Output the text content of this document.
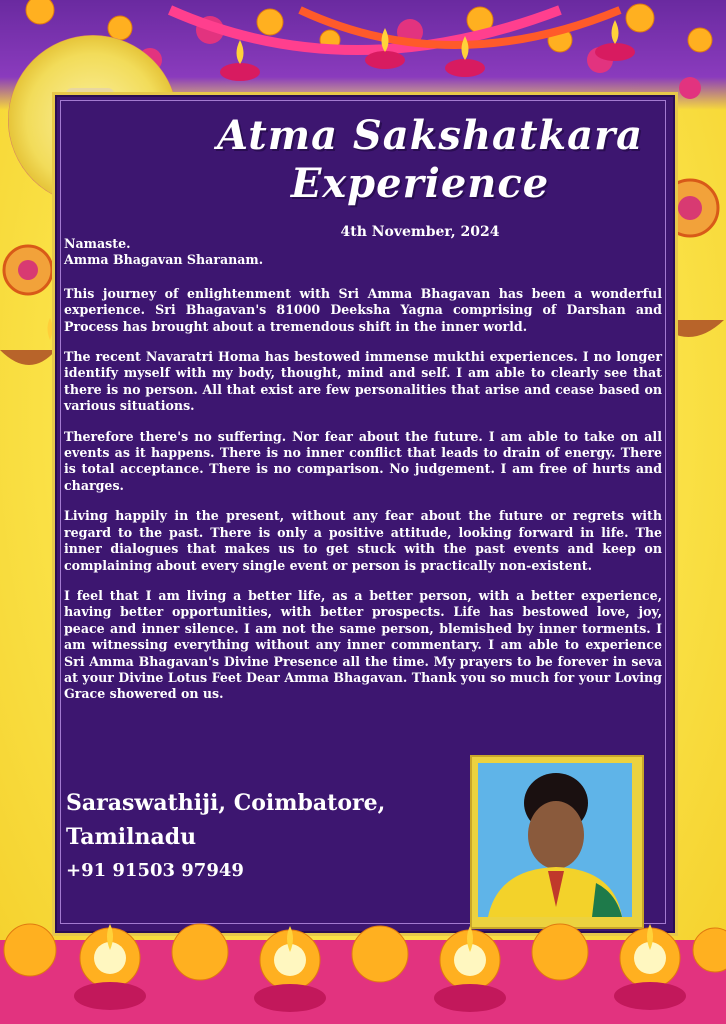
Atma Sakshatkara
Experience
4th November, 2024

Namaste.

Amma Bhagavan Sharanam.

This journey of enlightenment with Sri Amma Bhagavan has been a wonderful experience. Sri Bhagavan's 81000 Deeksha Yagna comprising of Darshan and Process has brought about a tremendous shift in the inner world.

The recent Navaratri Homa has bestowed immense mukthi experiences. I no longer identify myself with my body, thought, mind and self. I am able to clearly see that there is no person. All that exist are few personalities that arise and cease based on various situations.

Therefore there's no suffering. Nor fear about the future. I am able to take on all events as it happens. There is no inner conflict that leads to drain of energy. There is total acceptance. There is no comparison. No judgement. I am free of hurts and charges.

Living happily in the present, without any fear about the future or regrets with regard to the past. There is only a positive attitude, looking forward in life. The inner dialogues that makes us to get stuck with the past events and keep on complaining about every single event or person is practically non-existent.

I feel that I am living a better life, as a better person, with a better experience, having better opportunities, with better prospects. Life has bestowed love, joy, peace and inner silence. I am not the same person, blemished by inner torments. I am witnessing everything without any inner commentary. I am able to experience Sri Amma Bhagavan's Divine Presence all the time. My prayers to be forever in seva at your Divine Lotus Feet Dear Amma Bhagavan. Thank you so much for your Loving Grace showered on us.

Saraswathiji, Coimbatore, Tamilnadu
+91 91503 97949
